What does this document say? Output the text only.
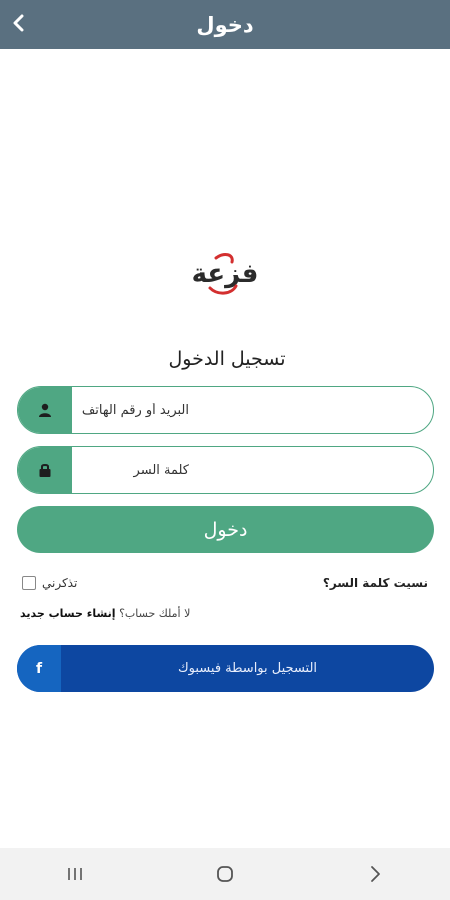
دخول
فزعة
تسجيل الدخول
البريد أو رقم الهاتف
دخول
تذكرني	نسيت كلمة السر؟
لا أملك حساب؟ إنشاء حساب جديد
f	التسجيل بواسطة فيسبوك
